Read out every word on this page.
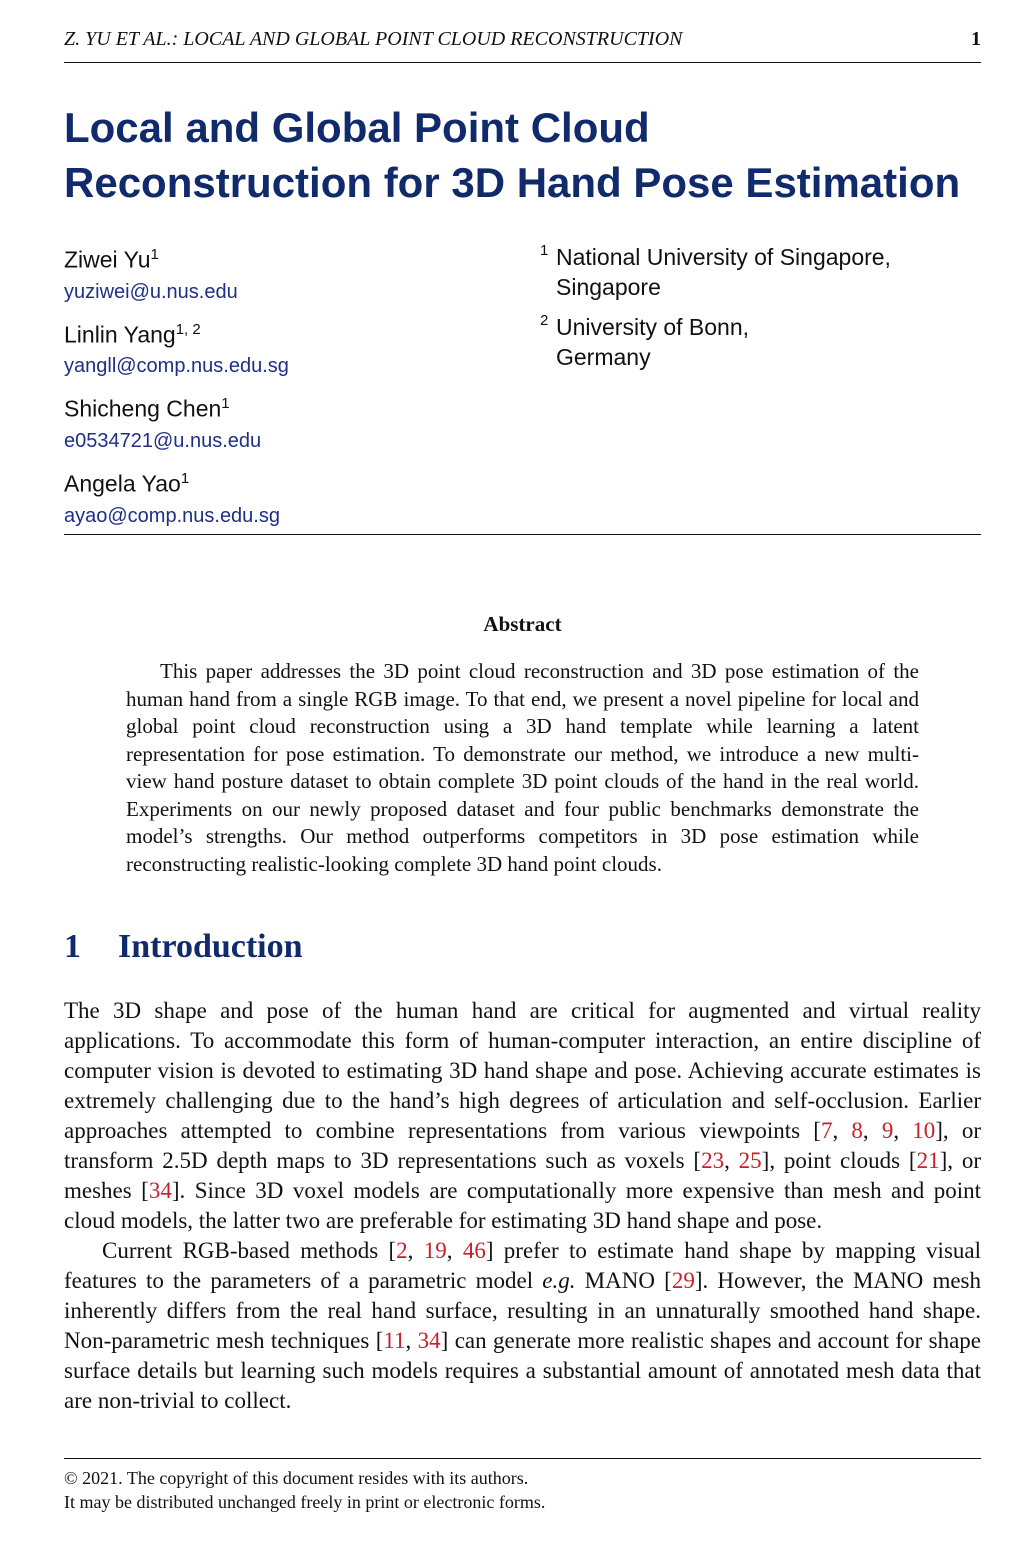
Z. YU ET AL.: LOCAL AND GLOBAL POINT CLOUD RECONSTRUCTION	1
Local and Global Point Cloud
Reconstruction for 3D Hand Pose Estimation
Ziwei Yu$^1$
yuziwei@u.nus.edu
Linlin Yang$^{1, 2}$
yangll@comp.nus.edu.sg
Shicheng Chen$^1$
e0534721@u.nus.edu
Angela Yao$^1$
ayao@comp.nus.edu.sg
1 National University of Singapore,
Singapore
2 University of Bonn,
Germany
Abstract
This paper addresses the 3D point cloud reconstruction and 3D pose estimation of the human hand from a single RGB image. To that end, we present a novel pipeline for local and global point cloud reconstruction using a 3D hand template while learning a latent representation for pose estimation. To demonstrate our method, we introduce a new multi-view hand posture dataset to obtain complete 3D point clouds of the hand in the real world. Experiments on our newly proposed dataset and four public benchmarks demonstrate the model’s strengths. Our method outperforms competitors in 3D pose estimation while reconstructing realistic-looking complete 3D hand point clouds.
1 Introduction

The 3D shape and pose of the human hand are critical for augmented and virtual reality applications. To accommodate this form of human-computer interaction, an entire discipline of computer vision is devoted to estimating 3D hand shape and pose. Achieving accurate estimates is extremely challenging due to the hand’s high degrees of articulation and self-occlusion. Earlier approaches attempted to combine representations from various viewpoints [7, 8, 9, 10], or transform 2.5D depth maps to 3D representations such as voxels [23, 25], point clouds [21], or meshes [34]. Since 3D voxel models are computationally more expensive than mesh and point cloud models, the latter two are preferable for estimating 3D hand shape and pose.

Current RGB-based methods [2, 19, 46] prefer to estimate hand shape by mapping visual features to the parameters of a parametric model e.g. MANO [29]. However, the MANO mesh inherently differs from the real hand surface, resulting in an unnaturally smoothed hand shape. Non-parametric mesh techniques [11, 34] can generate more realistic shapes and account for shape surface details but learning such models requires a substantial amount of annotated mesh data that are non-trivial to collect.

© 2021. The copyright of this document resides with its authors.
It may be distributed unchanged freely in print or electronic forms.
